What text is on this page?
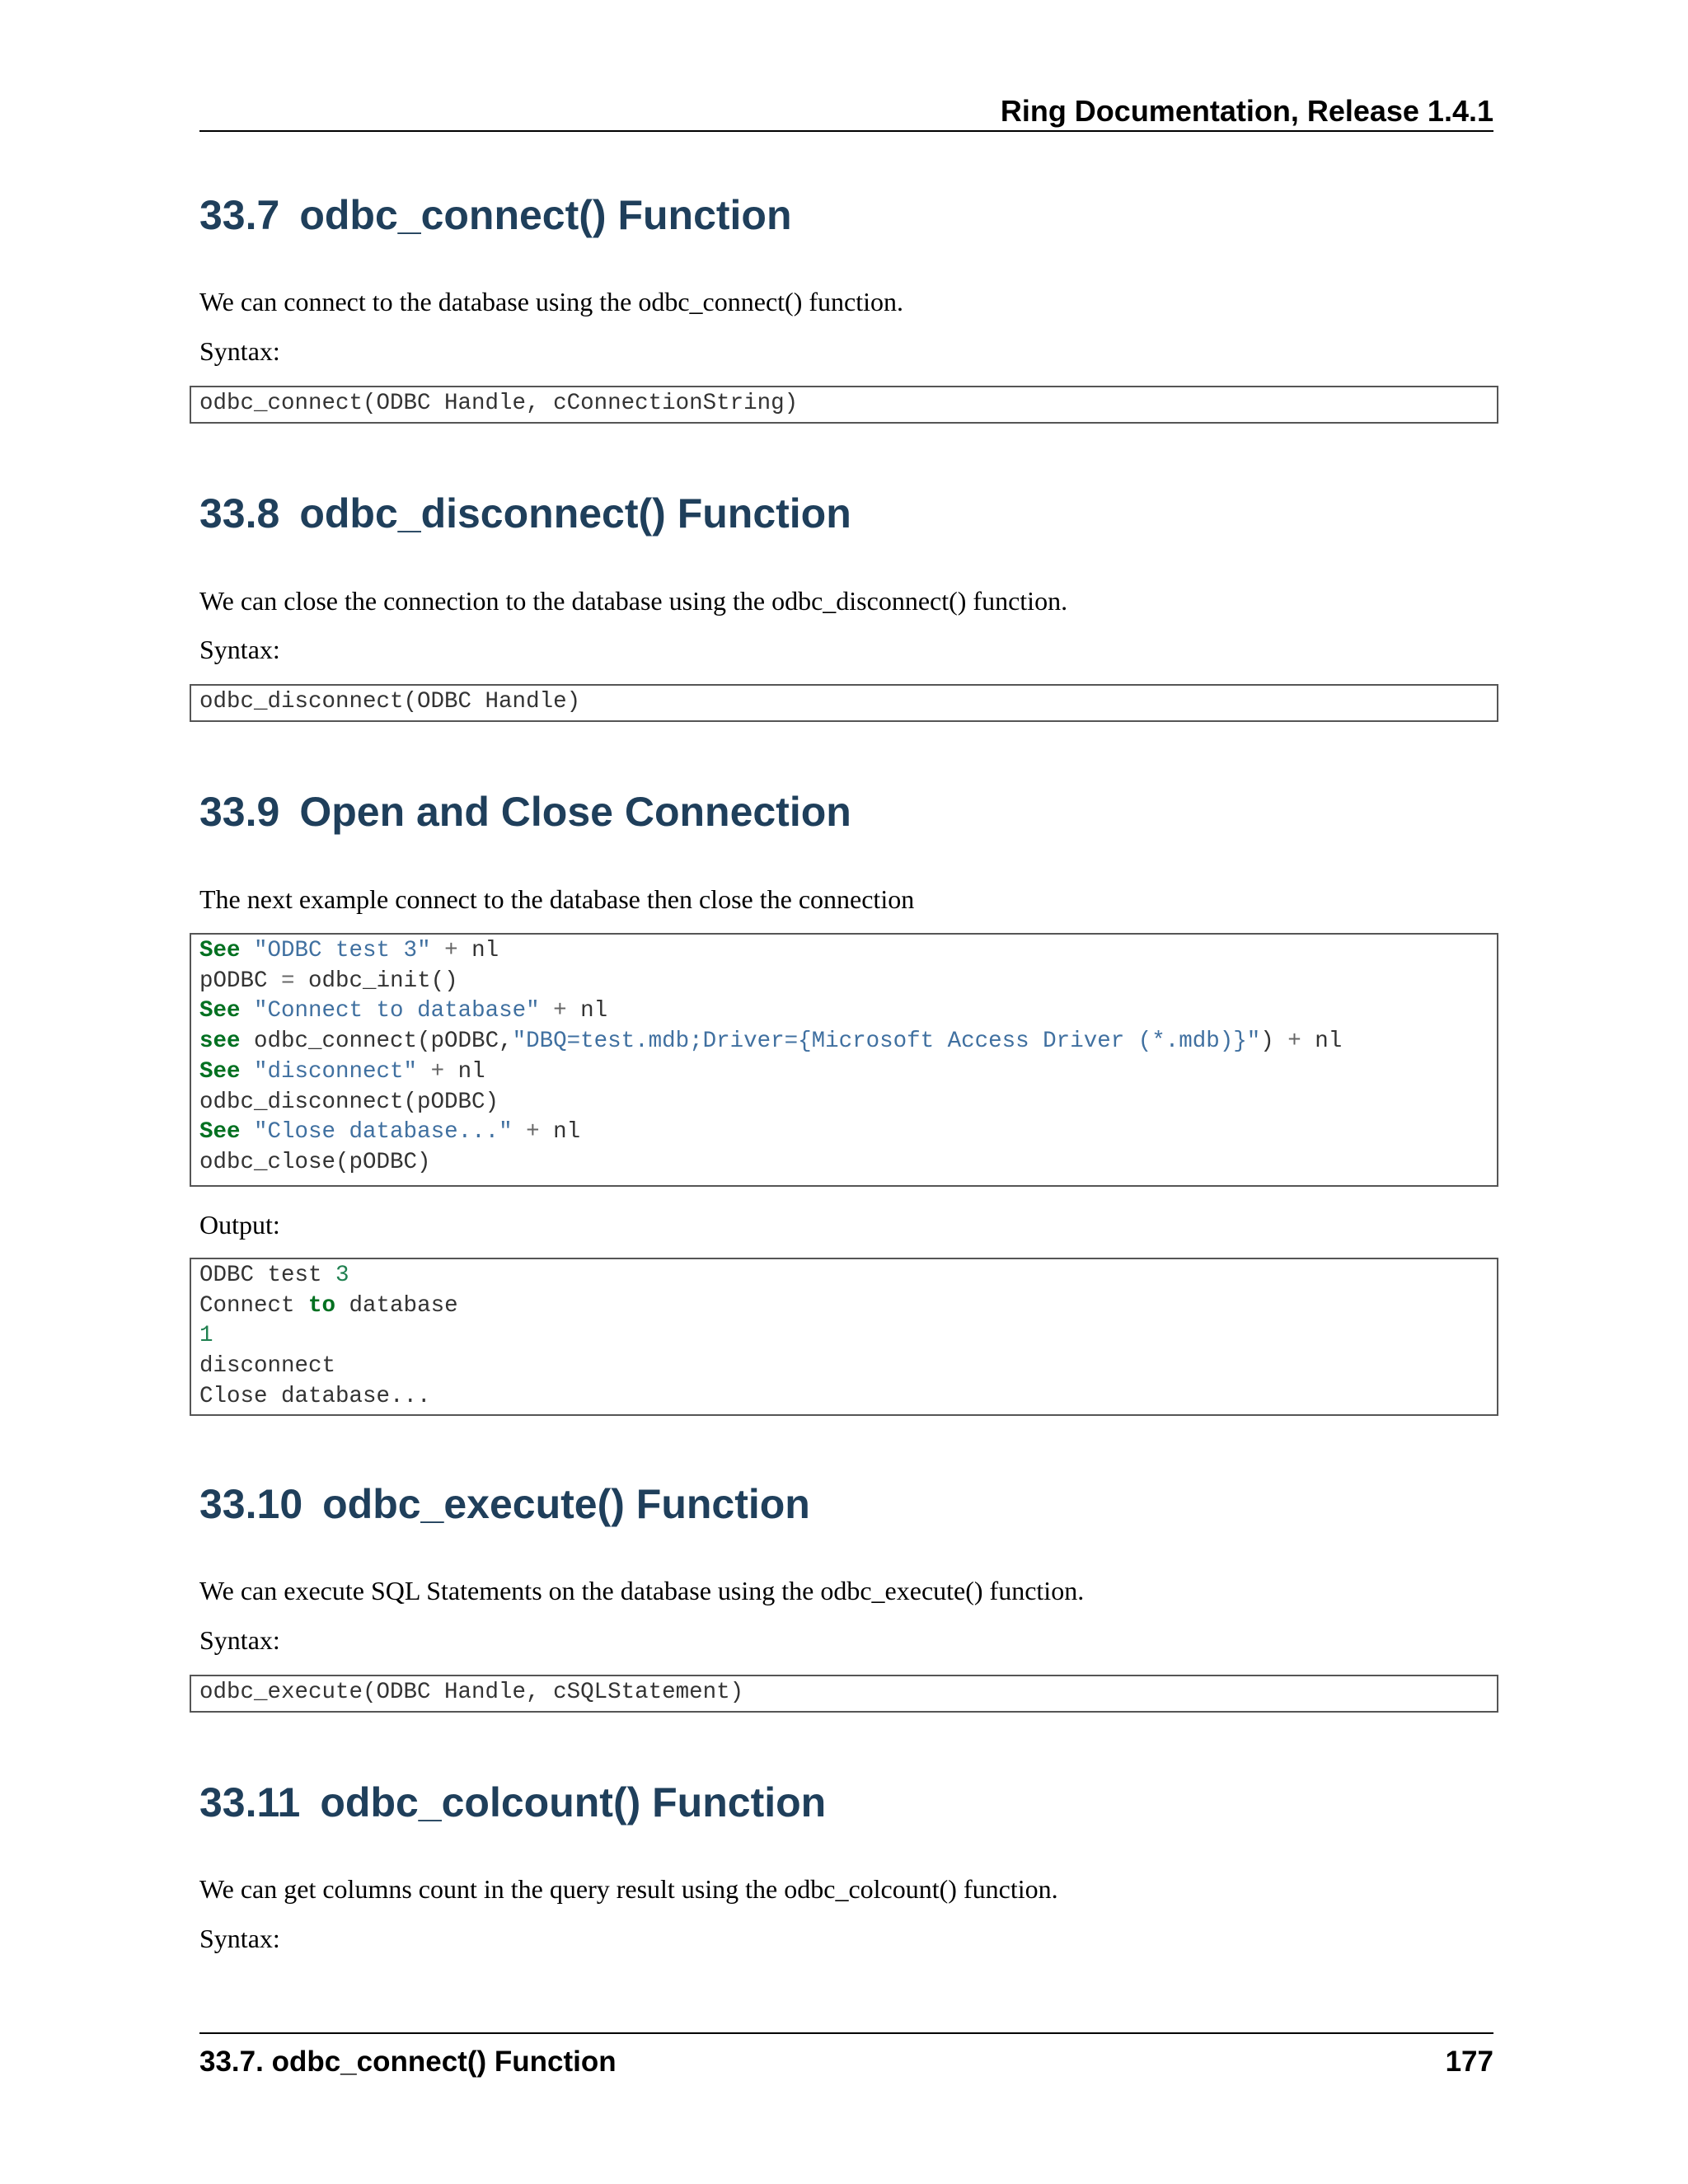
Ring Documentation, Release 1.4.1
33.7 odbc_connect() Function

We can connect to the database using the odbc_connect() function.

Syntax:

odbc_connect(ODBC Handle, cConnectionString)
33.8 odbc_disconnect() Function

We can close the connection to the database using the odbc_disconnect() function.

Syntax:

odbc_disconnect(ODBC Handle)
33.9 Open and Close Connection

The next example connect to the database then close the connection

See "ODBC test 3" + nl
pODBC = odbc_init()
See "Connect to database" + nl
see odbc_connect(pODBC,"DBQ=test.mdb;Driver={Microsoft Access Driver (*.mdb)}") + nl
See "disconnect" + nl
odbc_disconnect(pODBC)
See "Close database..." + nl
odbc_close(pODBC)

Output:

ODBC test 3
Connect to database
1
disconnect
Close database...
33.10 odbc_execute() Function

We can execute SQL Statements on the database using the odbc_execute() function.

Syntax:

odbc_execute(ODBC Handle, cSQLStatement)
33.11 odbc_colcount() Function

We can get columns count in the query result using the odbc_colcount() function.

Syntax:

33.7. odbc_connect() Function	177
